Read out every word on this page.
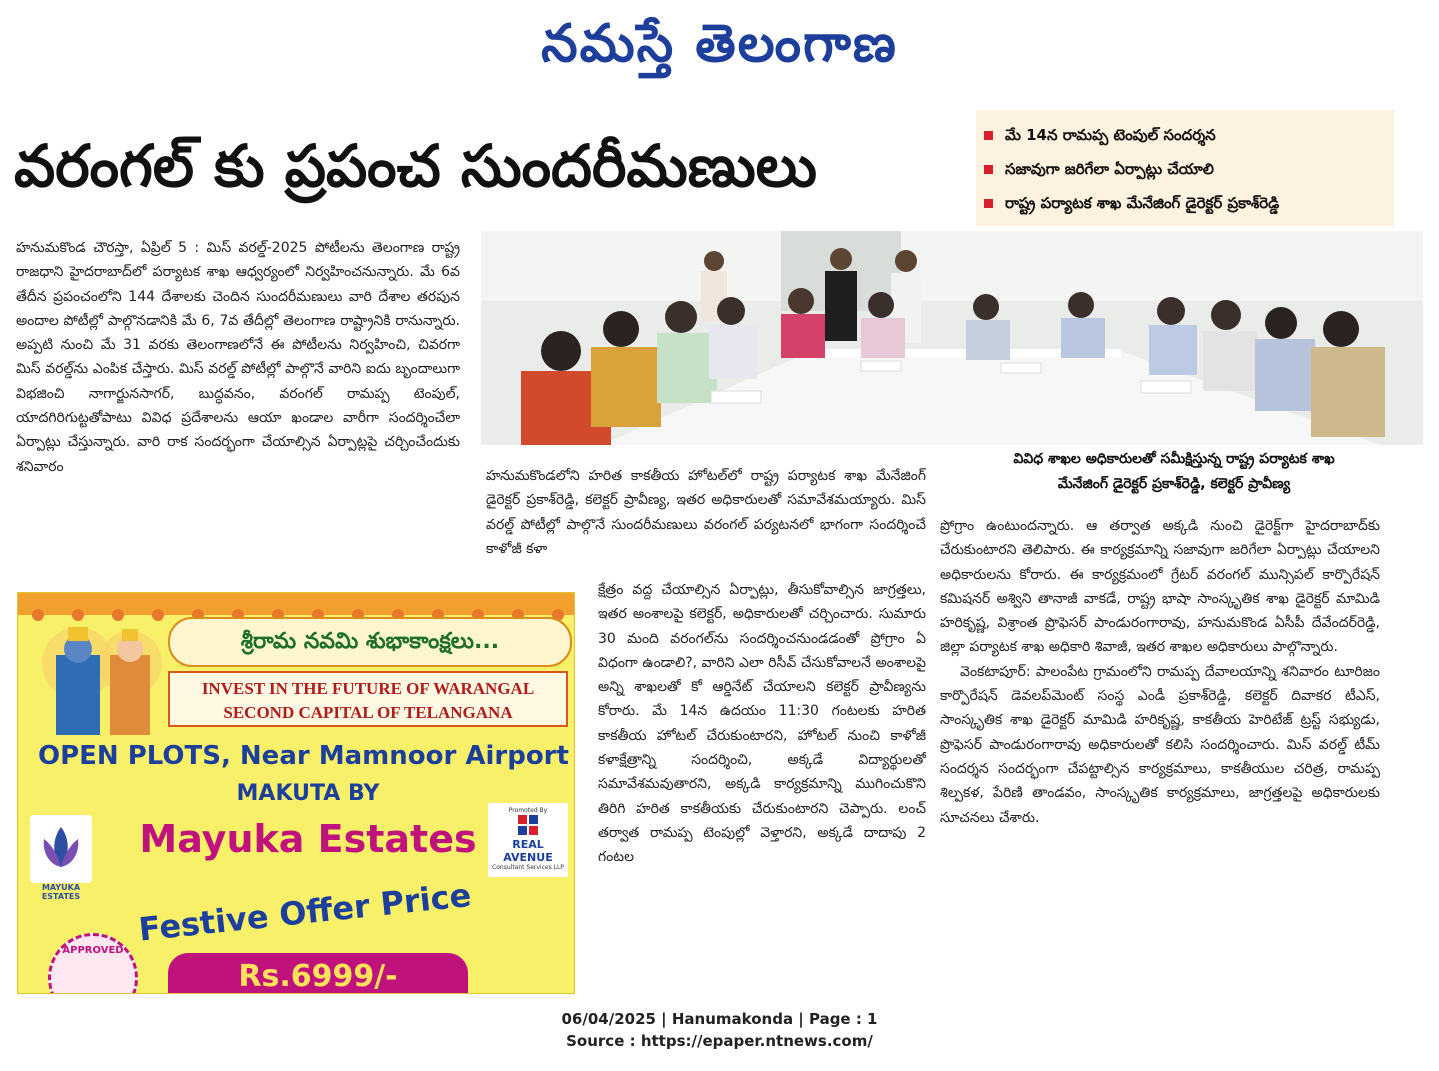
నమస్తే తెలంగాణ
వరంగల్ కు ప్రపంచ సుందరీమణులు	మే 14న రామప్ప టెంపుల్ సందర్శన
సజావుగా జరిగేలా ఏర్పాట్లు చేయాలి
రాష్ట్ర పర్యాటక శాఖ మేనేజింగ్ డైరెక్టర్ ప్రకాశ్‌రెడ్డి

హనుమకొండ చౌరస్తా, ఏప్రిల్ 5 : మిస్ వరల్డ్-2025 పోటీలను తెలంగాణ రాష్ట్ర రాజధాని హైదరాబాద్‌లో పర్యాటక శాఖ ఆధ్వర్యంలో నిర్వహించనున్నారు. మే 6వ తేదీన ప్రపంచంలోని 144 దేశాలకు చెందిన సుందరీమణులు వారి దేశాల తరపున అందాల పోటీల్లో పాల్గొనడానికి మే 6, 7వ తేదీల్లో తెలంగాణ రాష్ట్రానికి రానున్నారు. అప్పటి నుంచి మే 31 వరకు తెలంగాణలోనే ఈ పోటీలను నిర్వహించి, చివరగా మిస్ వరల్డ్‌ను ఎంపిక చేస్తారు. మిస్ వరల్డ్ పోటీల్లో పాల్గొనే వారిని ఐదు బృందాలుగా విభజించి నాగార్జునసాగర్, బుద్ధవనం, వరంగల్ రామప్ప టెంపుల్, యాదగిరిగుట్టతోపాటు వివిధ ప్రదేశాలను ఆయా ఖండాల వారీగా సందర్శించేలా ఏర్పాట్లు చేస్తున్నారు. వారి రాక సందర్భంగా చేయాల్సిన ఏర్పాట్లపై చర్చించేందుకు శనివారం	వివిధ శాఖల అధికారులతో సమీక్షిస్తున్న రాష్ట్ర పర్యాటక శాఖ
మేనేజింగ్ డైరెక్టర్ ప్రకాశ్‌రెడ్డి, కలెక్టర్ ప్రావీణ్య

హనుమకొండలోని హరిత కాకతీయ హోటల్‌లో రాష్ట్ర పర్యాటక శాఖ మేనేజింగ్ డైరెక్టర్ ప్రకాశ్‌రెడ్డి, కలెక్టర్ ప్రావీణ్య, ఇతర అధికారులతో సమావేశమయ్యారు. మిస్ వరల్డ్ పోటీల్లో పాల్గొనే సుందరీమణులు వరంగల్ పర్యటనలో భాగంగా సందర్శించే కాళోజీ కళా

క్షేత్రం వద్ద చేయాల్సిన ఏర్పాట్లు, తీసుకోవాల్సిన జాగ్రత్తలు, ఇతర అంశాలపై కలెక్టర్, అధికారులతో చర్చించారు. సుమారు 30 మంది వరంగల్‌ను సందర్శించనుండడంతో ప్రోగ్రాం ఏ విధంగా ఉండాలి?, వారిని ఎలా రిసీవ్ చేసుకోవాలనే అంశాలపై అన్ని శాఖలతో కో ఆర్డినేట్ చేయాలని కలెక్టర్ ప్రావీణ్యను కోరారు. మే 14న ఉదయం 11:30 గంటలకు హరిత కాకతీయ హోటల్ చేరుకుంటారని, హోటల్ నుంచి కాళోజీ కళాక్షేత్రాన్ని సందర్శించి, అక్కడే విద్యార్థులతో సమావేశమవుతారని, అక్కడి కార్యక్రమాన్ని ముగించుకొని తిరిగి హరిత కాకతీయకు చేరుకుంటారని చెప్పారు. లంచ్ తర్వాత రామప్ప టెంపుల్లో వెళ్తారని, అక్కడే దాదాపు 2 గంటల

ప్రోగ్రాం ఉంటుందన్నారు. ఆ తర్వాత అక్కడి నుంచి డైరెక్ట్‌గా హైదరాబాద్‌కు చేరుకుంటారని తెలిపారు. ఈ కార్యక్రమాన్ని సజావుగా జరిగేలా ఏర్పాట్లు చేయాలని అధికారులను కోరారు. ఈ కార్యక్రమంలో గ్రేటర్ వరంగల్ మున్సిపల్ కార్పొరేషన్ కమిషనర్ అశ్విని తానాజీ వాకడే, రాష్ట్ర భాషా సాంస్కృతిక శాఖ డైరెక్టర్ మామిడి హరికృష్ణ, విశ్రాంత ప్రొఫెసర్ పాండురంగారావు, హనుమకొండ ఏసీపీ దేవేందర్‌రెడ్డి, జిల్లా పర్యాటక శాఖ అధికారి శివాజీ, ఇతర శాఖల అధికారులు పాల్గొన్నారు.

వెంకటాపూర్: పాలంపేట గ్రామంలోని రామప్ప దేవాలయాన్ని శనివారం టూరిజం కార్పొరేషన్ డెవలప్‌మెంట్ సంస్థ ఎండీ ప్రకాశ్‌రెడ్డి, కలెక్టర్ దివాకర టీఎస్, సాంస్కృతిక శాఖ డైరెక్టర్ మామిడి హరికృష్ణ, కాకతీయ హెరిటేజ్ ట్రస్ట్ సభ్యుడు, ప్రొఫెసర్ పాండురంగారావు అధికారులతో కలిసి సందర్శించారు. మిస్ వరల్డ్ టీమ్ సందర్శన సందర్భంగా చేపట్టాల్సిన కార్యక్రమాలు, కాకతీయుల చరిత్ర, రామప్ప శిల్పకళ, పేరిణి తాండవం, సాంస్కృతిక కార్యక్రమాలు, జాగ్రత్తలపై అధికారులకు సూచనలు చేశారు.

శ్రీరామ నవమి శుభాకాంక్షలు...
INVEST IN THE FUTURE OF WARANGAL
SECOND CAPITAL OF TELANGANA
OPEN PLOTS, Near Mamnoor Airport
MAKUTA BY
MAYUKA ESTATES
Mayuka Estates
Promoted By
REAL AVENUE
Consultant Services LLP
Festive Offer Price
APPROVED
Rs.6999/-
06/04/2025 | Hanumakonda | Page : 1
Source : https://epaper.ntnews.com/
